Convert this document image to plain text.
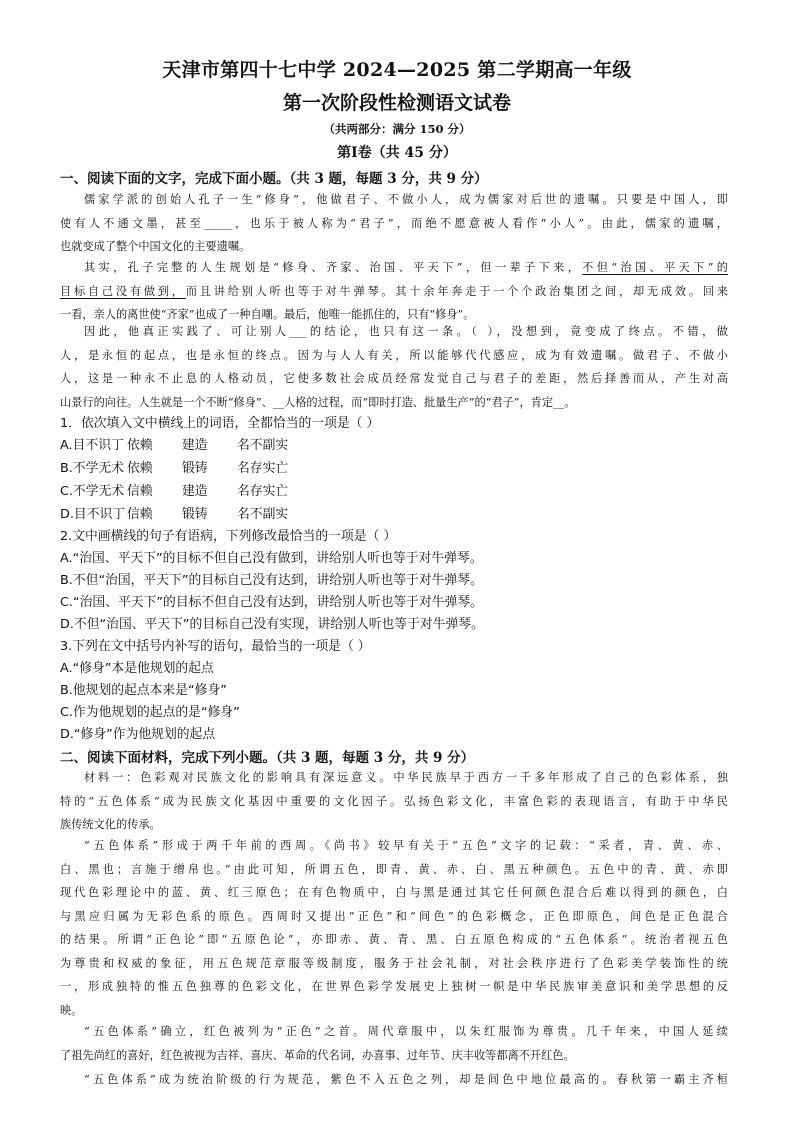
天津市第四十七中学 2024—2025 第二学期高一年级
第一次阶段性检测语文试卷
（共两部分：满分 150 分）
第Ⅰ卷（共 45 分）
一、阅读下面的文字，完成下面小题。（共 3 题，每题 3 分，共 9 分）
儒家学派的创始人孔子一生“修身”，他做君子、不做小人，成为儒家对后世的遗嘱。只要是中国人，即
使有人不通文墨，甚至_____，也乐于被人称为“君子”，而绝不愿意被人看作“小人”。由此，儒家的遗嘱，
也就变成了整个中国文化的主要遗嘱。
其实，孔子完整的人生规划是“修身、齐家、治国、平天下”，但一辈子下来，不但“治国、平天下”的
目标自己没有做到，而且讲给别人听也等于对牛弹琴。其十余年奔走于一个个政治集团之间，却无成效。回来
一看，亲人的离世使“齐家”也成了一种自嘲。最后，他唯一能抓住的，只有“修身”。
因此，他真正实践了、可让别人___的结论，也只有这一条。（ ），没想到，竟变成了终点。不错，做
人，是永恒的起点，也是永恒的终点。因为与人人有关，所以能够代代感应，成为有效遗嘱。做君子、不做小
人，这是一种永不止息的人格动员，它使多数社会成员经常发觉自己与君子的差距，然后择善而从，产生对高
山景行的向往。人生就是一个不断“修身”、__人格的过程，而“即时打造、批量生产”的“君子”，肯定__。
1．依次填入文中横线上的词语，全都恰当的一项是（ ）
A.目不识丁 依赖 建造 名不副实
B.不学无术 依赖 锻铸 名存实亡
C.不学无术 信赖 建造 名存实亡
D.目不识丁 信赖 锻铸 名不副实
2.文中画横线的句子有语病，下列修改最恰当的一项是（ ）
A.“治国、平天下”的目标不但自己没有做到，讲给别人听也等于对牛弹琴。
B.不但“治国，平天下”的目标自己没有达到，讲给别人听也等于对牛弹琴。
C.“治国、平天下”的目标不但自己没有达到，讲给别人听也等于对牛弹琴。
D.不但“治国、平天下”的目标自己没有实现，讲给别人听也等于对牛弹琴。
3.下列在文中括号内补写的语句，最恰当的一项是（ ）
A.“修身”本是他规划的起点
B.他规划的起点本来是“修身”
C.作为他规划的起点的是“修身”
D.“修身”作为他规划的起点
二、阅读下面材料，完成下列小题。（共 3 题，每题 3 分，共 9 分）
材料一：色彩观对民族文化的影响具有深远意义。中华民族早于西方一千多年形成了自己的色彩体系，独
特的“五色体系”成为民族文化基因中重要的文化因子。弘扬色彩文化，丰富色彩的表现语言，有助于中华民
族传统文化的传承。
“五色体系”形成于两千年前的西周。《尚书》较早有关于“五色”文字的记载：“采者，青、黄、赤、
白、黑也；言施于缯帛也。”由此可知，所谓五色，即青、黄、赤、白、黑五种颜色。五色中的青、黄、赤即
现代色彩理论中的蓝、黄、红三原色；在有色物质中，白与黑是通过其它任何颜色混合后难以得到的颜色，白
与黑应归属为无彩色系的原色。西周时又提出“正色”和“间色”的色彩概念，正色即原色，间色是正色混合
的结果。所谓“正色论”即“五原色论”，亦即赤、黄、青、黑、白五原色构成的“五色体系”。统治者视五色
为尊贵和权威的象征，用五色规范章服等级制度，服务于社会礼制，对社会秩序进行了色彩美学装饰性的统
一，形成独特的惟五色独尊的色彩文化，在世界色彩学发展史上独树一帜是中华民族审美意识和美学思想的反
映。
“五色体系”确立，红色被列为“正色”之首。周代章服中，以朱红服饰为尊贵。几千年来，中国人延续
了祖先尚红的喜好，红色被视为吉祥、喜庆、革命的代名词，办喜事、过年节、庆丰收等都离不开红色。
“五色体系”成为统治阶级的行为规范，紫色不入五色之列，却是间色中地位最高的。春秋第一霸主齐桓
